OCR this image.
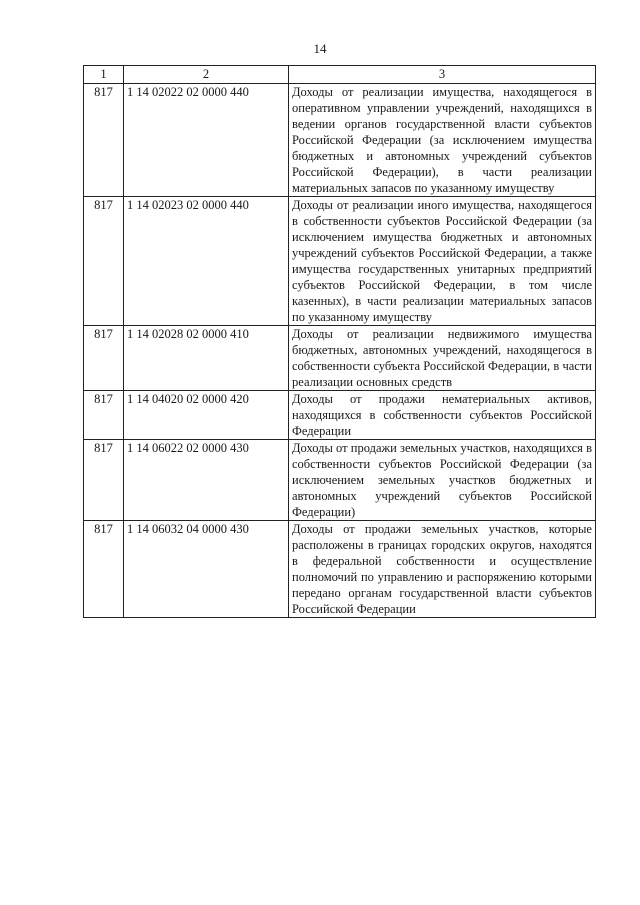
14
1	2	3
817	1 14 02022 02 0000 440	Доходы от реализации имущества, находящегося в оперативном управлении учреждений, находящихся в ведении органов государственной власти субъектов Российской Федерации (за исключением имущества бюджетных и автономных учреждений субъектов Российской Федерации), в части реализации материальных запасов по указанному имуществу
817	1 14 02023 02 0000 440	Доходы от реализации иного имущества, находящегося в собственности субъектов Российской Федерации (за исключением имущества бюджетных и автономных учреждений субъектов Российской Федерации, а также имущества государственных унитарных предприятий субъектов Российской Федерации, в том числе казенных), в части реализации материальных запасов по указанному имуществу
817	1 14 02028 02 0000 410	Доходы от реализации недвижимого имущества бюджетных, автономных учреждений, находящегося в собственности субъекта Российской Федерации, в части реализации основных средств
817	1 14 04020 02 0000 420	Доходы от продажи нематериальных активов, находящихся в собственности субъектов Российской Федерации
817	1 14 06022 02 0000 430	Доходы от продажи земельных участков, находящихся в собственности субъектов Российской Федерации (за исключением земельных участков бюджетных и автономных учреждений субъектов Российской Федерации)
817	1 14 06032 04 0000 430	Доходы от продажи земельных участков, которые расположены в границах городских округов, находятся в федеральной собственности и осуществление полномочий по управлению и распоряжению которыми передано органам государственной власти субъектов Российской Федерации
